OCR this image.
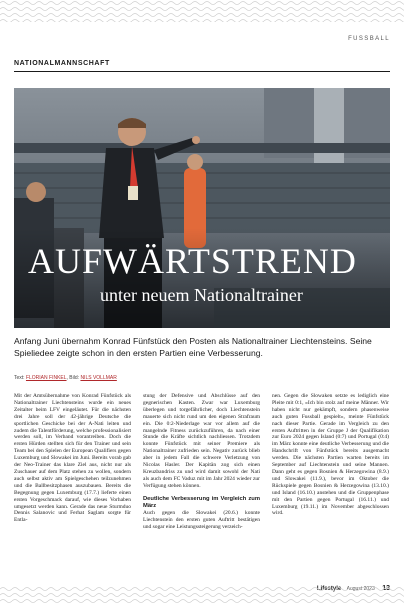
FUSSBALL
NATIONALMANNSCHAFT
AUFWÄRTSTREND
unter neuem Nationaltrainer
Anfang Juni übernahm Konrad Fünfstück den Posten als Nationaltrainer Liechtensteins. Seine Spieliedee zeigte schon in den ersten Partien eine Verbesserung.
Text: FLORIAN FINKEL, Bild: NILS VOLLMAR

Mit der Amtsübernahme von Konrad Fünfstück als Nationaltrainer Liechtensteins wurde ein neues Zeitalter beim LFV eingeläutet. Für die nächsten drei Jahre soll der 42-jährige Deutsche die sportlichen Geschicke bei der A-Nati leiten und zudem die Talentförderung, welche professionalisiert werden soll, im Verband vorantreiben. Doch die ersten Hürden stellten sich für den Trainer und sein Team bei den Spielen der European Qualifiers gegen Luxemburg und Slowakei im Juni. Bereits vorab gab der Neo-Trainer das klare Ziel aus, nicht nur als Zuschauer auf dem Platz stehen zu wollen, sondern auch selbst aktiv am Spielgeschehen teilzunehmen und die Ballbesitzphasen auszubauen. Bereits die Begegnung gegen Luxemburg (17.7.) lieferte einen ersten Vorgeschmack darauf, wie dieses Vorhaben umgesetzt werden kann. Gerade das neue Sturmduo Dennis Salanovic und Ferhat Saglam sorgte für Entla-

stung der Defensive und Abschlüsse auf den gegnerischen Kasten. Zwar war Luxemburg überlegen und torgefährlicher, doch Liechtenstein mauerte sich nicht rund um den eigenen Strafraum ein. Die 0:2-Niederlage war vor allem auf die mangelnde Fitness zurückzuführen, da nach einer Stunde die Kräfte sichtlich nachliessen. Trotzdem konnte Fünfstück mit seiner Premiere als Nationaltrainer zufrieden sein. Negativ zurück blieb aber in jedem Fall die schwere Verletzung von Nicolas Hasler. Der Kapitän zog sich einen Kreuzbandriss zu und wird damit sowohl der Nati als auch dem FC Vaduz mit im Jahr 2024 wieder zur Verfügung stehen können.

Deutliche Verbesserung im Vergleich zum März

Auch gegen die Slowakei (20.6.) konnte Liechtenstein den ersten guten Auftritt bestätigen und sogar eine Leistungssteigerung verzeich-

nen. Gegen die Slowaken setzte es lediglich eine Pleite mit 0:1, »Ich bin stolz auf meine Männer. Wir haben nicht nur gekämpft, sondern phasenweise auch guten Fussball gespielt«, meinte Fünfstück nach dieser Partie. Gerade im Vergleich zu den ersten Auftritten in der Gruppe J der Qualifikation zur Euro 2024 gegen Island (0:7) und Portugal (0:4) im März konnte eine deutliche Verbesserung und die Handschrift von Fünfstück bereits ausgemacht werden. Die nächsten Partien warten bereits im September auf Liechtenstein und seine Mannen. Dann geht es gegen Bosnien & Herzegowina (8.9.) und Slowakei (11.9.), bevor im Oktober die Rückspiele gegen Bosnien & Herzegowina (13.10.) und Island (16.10.) anstehen und die Gruppenphase mit den Partien gegen Portugal (16.11.) und Luxemburg (19.11.) im November abgeschlossen wird.
